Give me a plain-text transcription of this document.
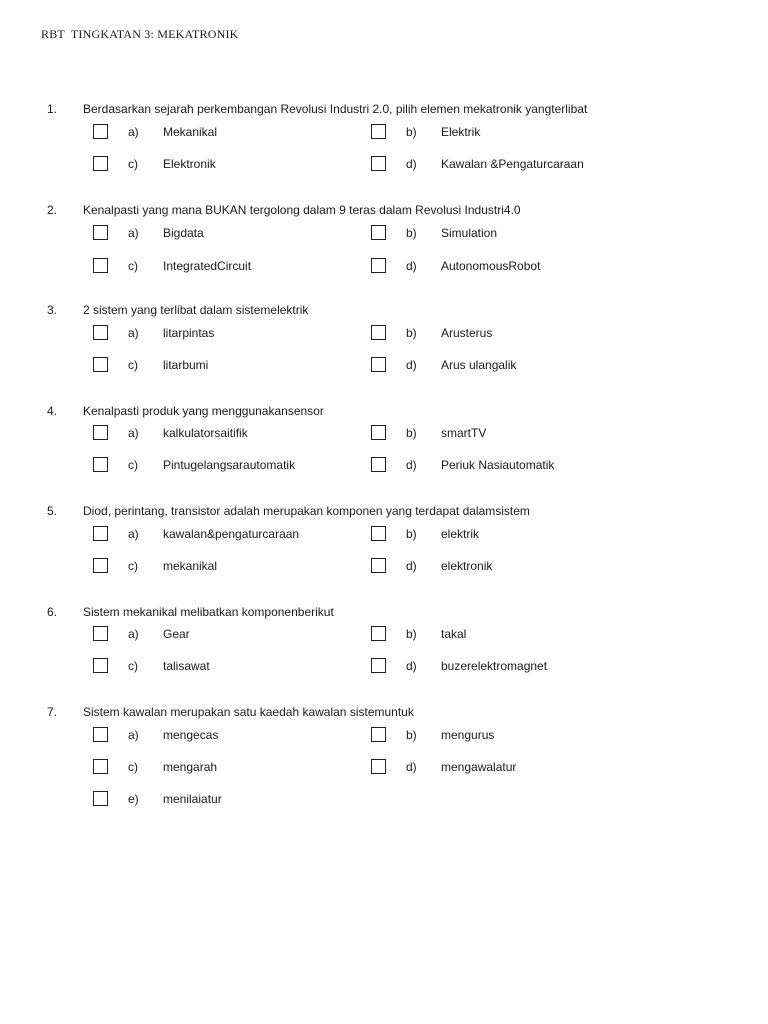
RBT  TINGKATAN 3: MEKATRONIK
1. Berdasarkan sejarah perkembangan Revolusi Industri 2.0, pilih elemen mekatronik yangterlibat
a) Mekanikal	b) Elektrik
c) Elektronik	d) Kawalan &Pengaturcaraan
2. Kenalpasti yang mana BUKAN tergolong dalam 9 teras dalam Revolusi Industri4.0
a) Bigdata	b) Simulation
c) IntegratedCircuit	d) AutonomousRobot
3. 2 sistem yang terlibat dalam sistemelektrik
a) litarpintas	b) Arusterus
c) litarbumi	d) Arus ulangalik
4. Kenalpasti produk yang menggunakansensor
a) kalkulatorsaitifik	b) smartTV
c) Pintugelangsarautomatik	d) Periuk Nasiautomatik
5. Diod, perintang, transistor adalah merupakan komponen yang terdapat dalamsistem
a) kawalan&pengaturcaraan	b) elektrik
c) mekanikal	d) elektronik
6. Sistem mekanikal melibatkan komponenberikut
a) Gear	b) takal
c) talisawat	d) buzerelektromagnet
7. Sistem kawalan merupakan satu kaedah kawalan sistemuntuk
a) mengecas	b) mengurus
c) mengarah	d) mengawalatur
e) menilaiatur
